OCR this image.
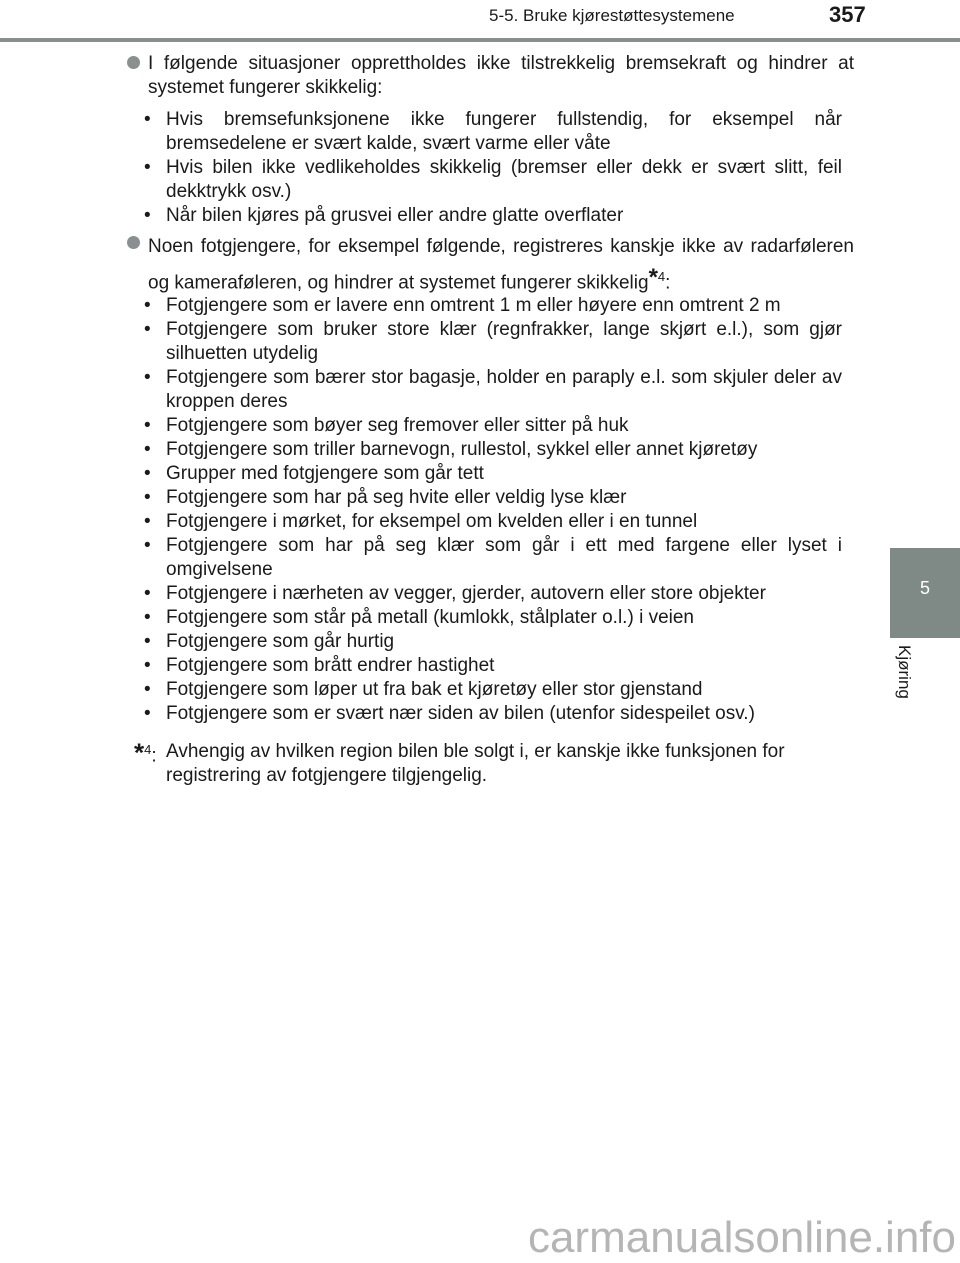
5-5. Bruke kjørestøttesystemene	357
5
Kjøring
I følgende situasjoner opprettholdes ikke tilstrekkelig bremsekraft og hindrer at systemet fungerer skikkelig:
• Hvis bremsefunksjonene ikke fungerer fullstendig, for eksempel når bremsedelene er svært kalde, svært varme eller våte
• Hvis bilen ikke vedlikeholdes skikkelig (bremser eller dekk er svært slitt, feil dekktrykk osv.)
• Når bilen kjøres på grusvei eller andre glatte overflater
Noen fotgjengere, for eksempel følgende, registreres kanskje ikke av radarføleren og kameraføleren, og hindrer at systemet fungerer skikkelig$^{*4}$:
• Fotgjengere som er lavere enn omtrent 1 m eller høyere enn omtrent 2 m
• Fotgjengere som bruker store klær (regnfrakker, lange skjørt e.l.), som gjør silhuetten utydelig
• Fotgjengere som bærer stor bagasje, holder en paraply e.l. som skjuler deler av kroppen deres
• Fotgjengere som bøyer seg fremover eller sitter på huk
• Fotgjengere som triller barnevogn, rullestol, sykkel eller annet kjøretøy
• Grupper med fotgjengere som går tett
• Fotgjengere som har på seg hvite eller veldig lyse klær
• Fotgjengere i mørket, for eksempel om kvelden eller i en tunnel
• Fotgjengere som har på seg klær som går i ett med fargene eller lyset i omgivelsene
• Fotgjengere i nærheten av vegger, gjerder, autovern eller store objekter
• Fotgjengere som står på metall (kumlokk, stålplater o.l.) i veien
• Fotgjengere som går hurtig
• Fotgjengere som brått endrer hastighet
• Fotgjengere som løper ut fra bak et kjøretøy eller stor gjenstand
• Fotgjengere som er svært nær siden av bilen (utenfor sidespeilet osv.)
*$^4$: Avhengig av hvilken region bilen ble solgt i, er kanskje ikke funksjonen for registrering av fotgjengere tilgjengelig.
carmanualsonline.info
